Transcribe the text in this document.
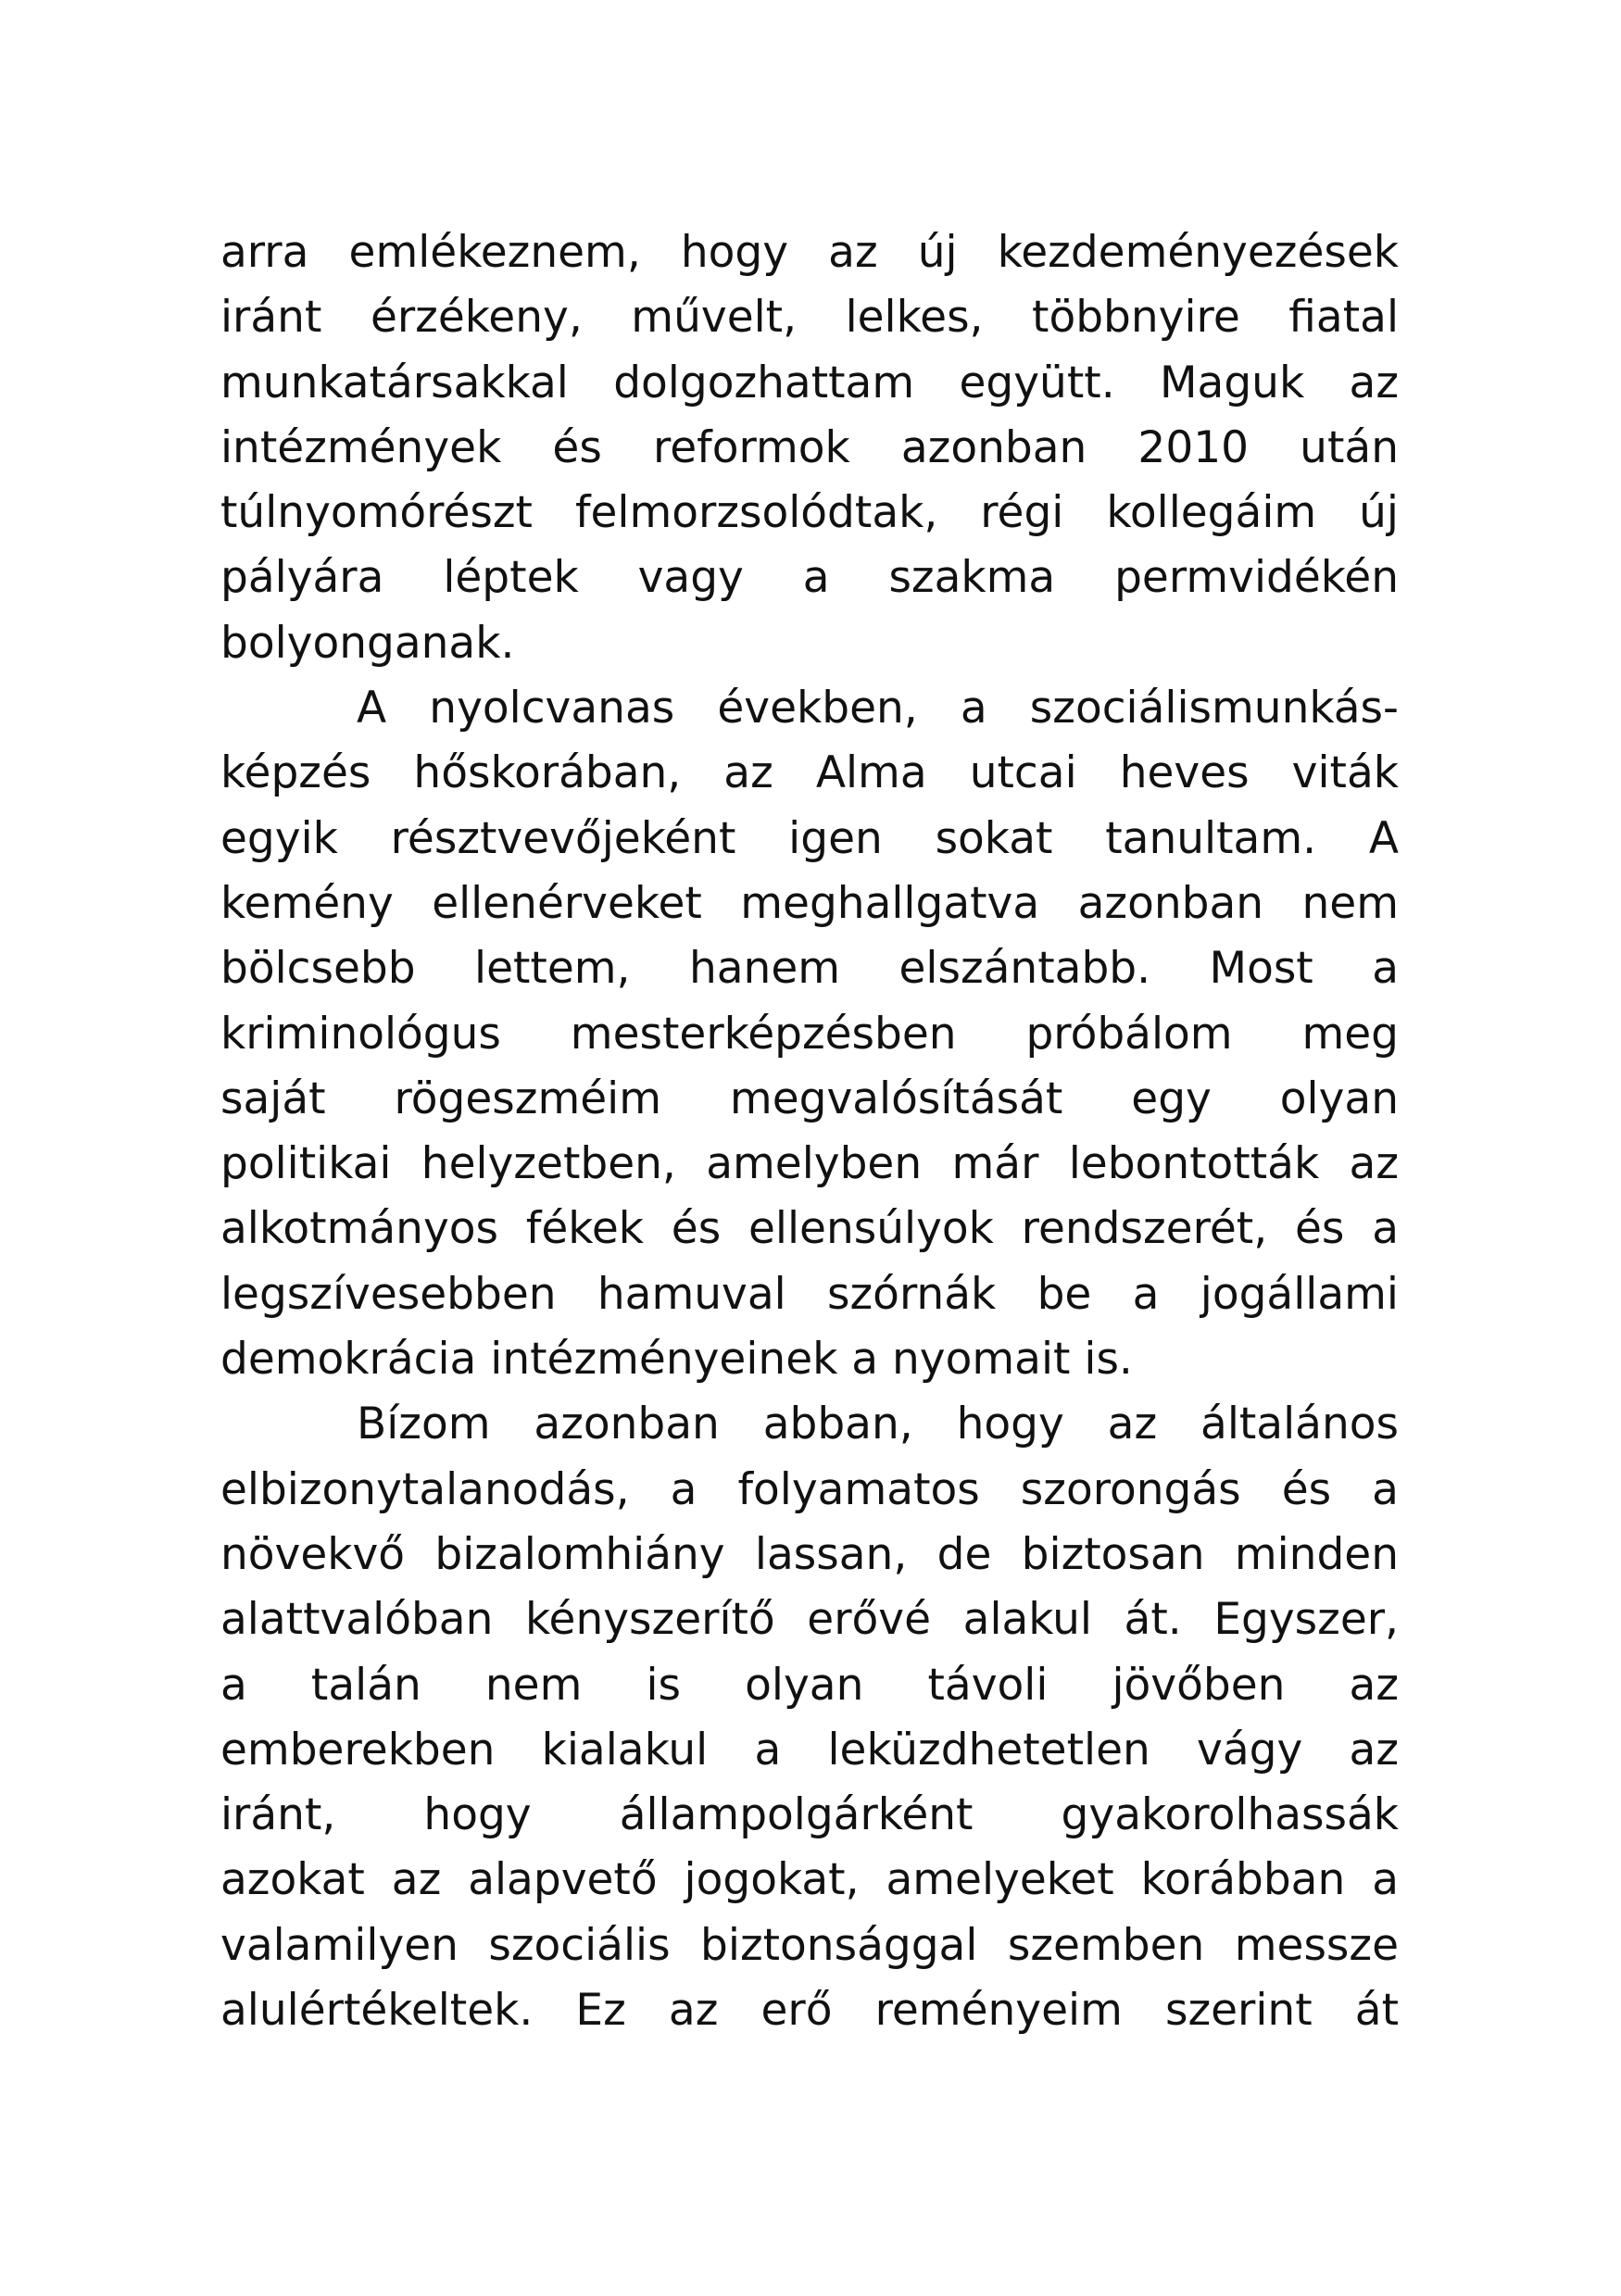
arra emlékeznem, hogy az új kezdeményezések
iránt érzékeny, művelt, lelkes, többnyire fiatal
munkatársakkal dolgozhattam együtt. Maguk az
intézmények és reformok azonban 2010 után
túlnyomórészt felmorzsolódtak, régi kollegáim új
pályára léptek vagy a szakma permvidékén
bolyonganak.
A nyolcvanas években, a szociálismunkás-
képzés hőskorában, az Alma utcai heves viták
egyik résztvevőjeként igen sokat tanultam. A
kemény ellenérveket meghallgatva azonban nem
bölcsebb lettem, hanem elszántabb. Most a
kriminológus mesterképzésben próbálom meg
saját rögeszméim megvalósítását egy olyan
politikai helyzetben, amelyben már lebontották az
alkotmányos fékek és ellensúlyok rendszerét, és a
legszívesebben hamuval szórnák be a jogállami
demokrácia intézményeinek a nyomait is.
Bízom azonban abban, hogy az általános
elbizonytalanodás, a folyamatos szorongás és a
növekvő bizalomhiány lassan, de biztosan minden
alattvalóban kényszerítő erővé alakul át. Egyszer,
a talán nem is olyan távoli jövőben az
emberekben kialakul a leküzdhetetlen vágy az
iránt, hogy állampolgárként gyakorolhassák
azokat az alapvető jogokat, amelyeket korábban a
valamilyen szociális biztonsággal szemben messze
alulértékeltek. Ez az erő reményeim szerint át
